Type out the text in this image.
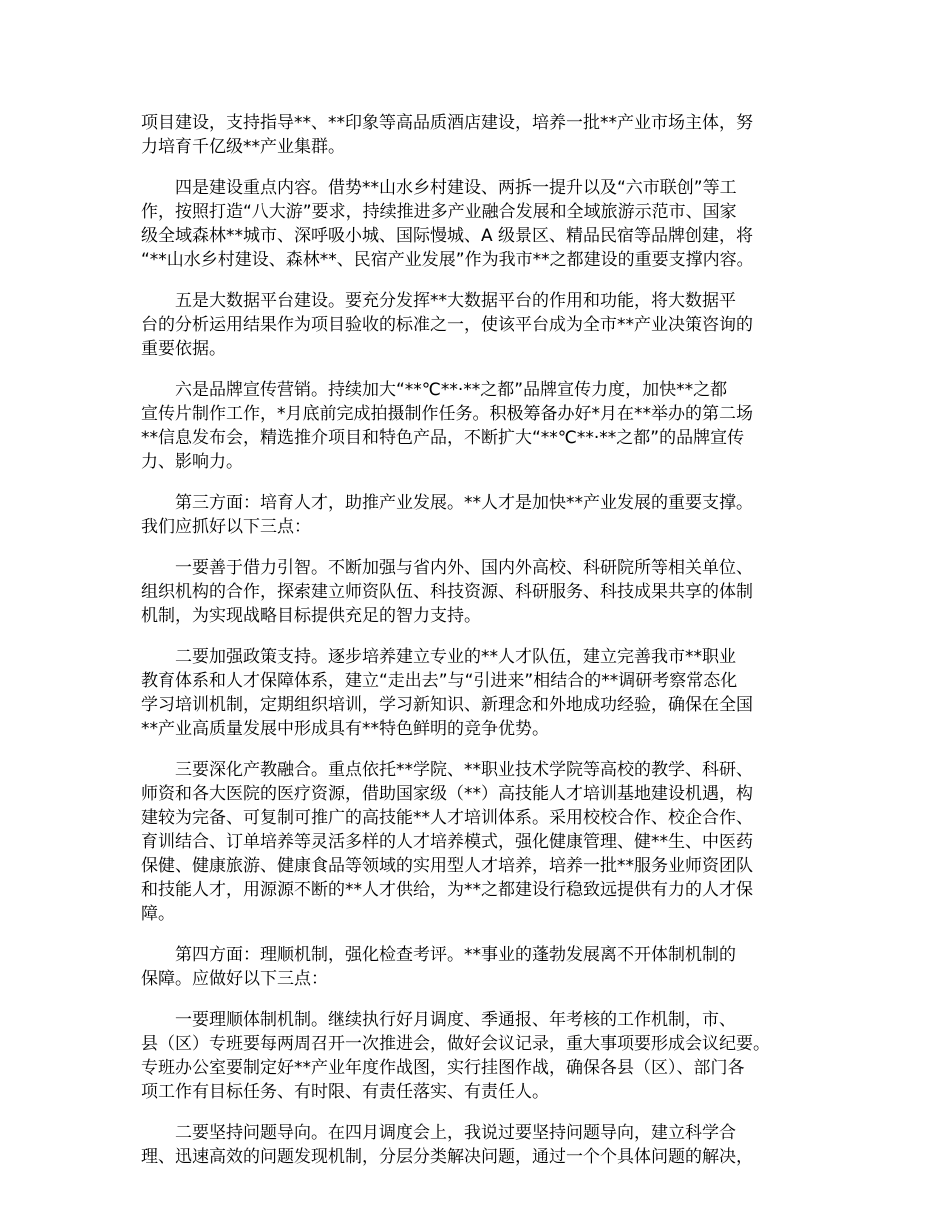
项目建设，支持指导**、**印象等高品质酒店建设，培养一批**产业市场主体，努
力培育千亿级**产业集群。

　　四是建设重点内容。借势**山水乡村建设、两拆一提升以及“六市联创”等工
作，按照打造“八大游”要求，持续推进多产业融合发展和全域旅游示范市、国家
级全域森林**城市、深呼吸小城、国际慢城、A 级景区、精品民宿等品牌创建，将
“**山水乡村建设、森林**、民宿产业发展”作为我市**之都建设的重要支撑内容。

　　五是大数据平台建设。要充分发挥**大数据平台的作用和功能，将大数据平
台的分析运用结果作为项目验收的标准之一，使该平台成为全市**产业决策咨询的
重要依据。

　　六是品牌宣传营销。持续加大“**℃**·**之都”品牌宣传力度，加快**之都
宣传片制作工作，*月底前完成拍摄制作任务。积极筹备办好*月在**举办的第二场
**信息发布会，精选推介项目和特色产品，不断扩大“**℃**·**之都”的品牌宣传
力、影响力。

　　第三方面：培育人才，助推产业发展。**人才是加快**产业发展的重要支撑。
我们应抓好以下三点：

　　一要善于借力引智。不断加强与省内外、国内外高校、科研院所等相关单位、
组织机构的合作，探索建立师资队伍、科技资源、科研服务、科技成果共享的体制
机制，为实现战略目标提供充足的智力支持。

　　二要加强政策支持。逐步培养建立专业的**人才队伍，建立完善我市**职业
教育体系和人才保障体系，建立“走出去”与“引进来”相结合的**调研考察常态化
学习培训机制，定期组织培训，学习新知识、新理念和外地成功经验，确保在全国
**产业高质量发展中形成具有**特色鲜明的竞争优势。

　　三要深化产教融合。重点依托**学院、**职业技术学院等高校的教学、科研、
师资和各大医院的医疗资源，借助国家级（**）高技能人才培训基地建设机遇，构
建较为完备、可复制可推广的高技能**人才培训体系。采用校校合作、校企合作、
育训结合、订单培养等灵活多样的人才培养模式，强化健康管理、健**生、中医药
保健、健康旅游、健康食品等领域的实用型人才培养，培养一批**服务业师资团队
和技能人才，用源源不断的**人才供给，为**之都建设行稳致远提供有力的人才保
障。

　　第四方面：理顺机制，强化检查考评。**事业的蓬勃发展离不开体制机制的
保障。应做好以下三点：

　　一要理顺体制机制。继续执行好月调度、季通报、年考核的工作机制，市、
县（区）专班要每两周召开一次推进会，做好会议记录，重大事项要形成会议纪要。
专班办公室要制定好**产业年度作战图，实行挂图作战，确保各县（区）、部门各
项工作有目标任务、有时限、有责任落实、有责任人。

　　二要坚持问题导向。在四月调度会上，我说过要坚持问题导向，建立科学合
理、迅速高效的问题发现机制，分层分类解决问题，通过一个个具体问题的解决，
